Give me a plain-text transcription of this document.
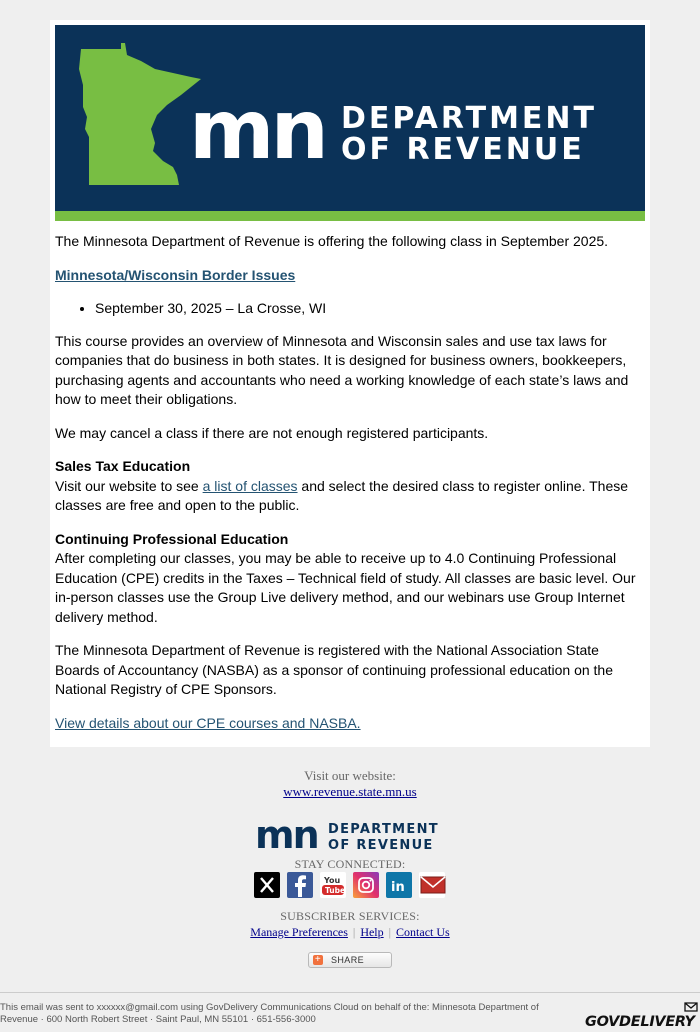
mn DEPARTMENT
OF REVENUE

The Minnesota Department of Revenue is offering the following class in September 2025.

Minnesota/Wisconsin Border Issues

• September 30, 2025 – La Crosse, WI

This course provides an overview of Minnesota and Wisconsin sales and use tax laws for companies that do business in both states. It is designed for business owners, bookkeepers, purchasing agents and accountants who need a working knowledge of each state’s laws and how to meet their obligations.

We may cancel a class if there are not enough registered participants.

Sales Tax Education
Visit our website to see a list of classes and select the desired class to register online. These classes are free and open to the public.

Continuing Professional Education
After completing our classes, you may be able to receive up to 4.0 Continuing Professional Education (CPE) credits in the Taxes – Technical field of study. All classes are basic level. Our in-person classes use the Group Live delivery method, and our webinars use Group Internet delivery method.

The Minnesota Department of Revenue is registered with the National Association State Boards of Accountancy (NASBA) as a sponsor of continuing professional education on the National Registry of CPE Sponsors.

View details about our CPE courses and NASBA.

Visit our website:
www.revenue.state.mn.us
mn DEPARTMENT
OF REVENUE
STAY CONNECTED:
You
Tube	in
SUBSCRIBER SERVICES:
Manage Preferences | Help | Contact Us
+ SHARE
This email was sent to xxxxxx@gmail.com using GovDelivery Communications Cloud on behalf of the: Minnesota Department of
Revenue · 600 North Robert Street · Saint Paul, MN 55101 · 651-556-3000	GOVDELIVERY
